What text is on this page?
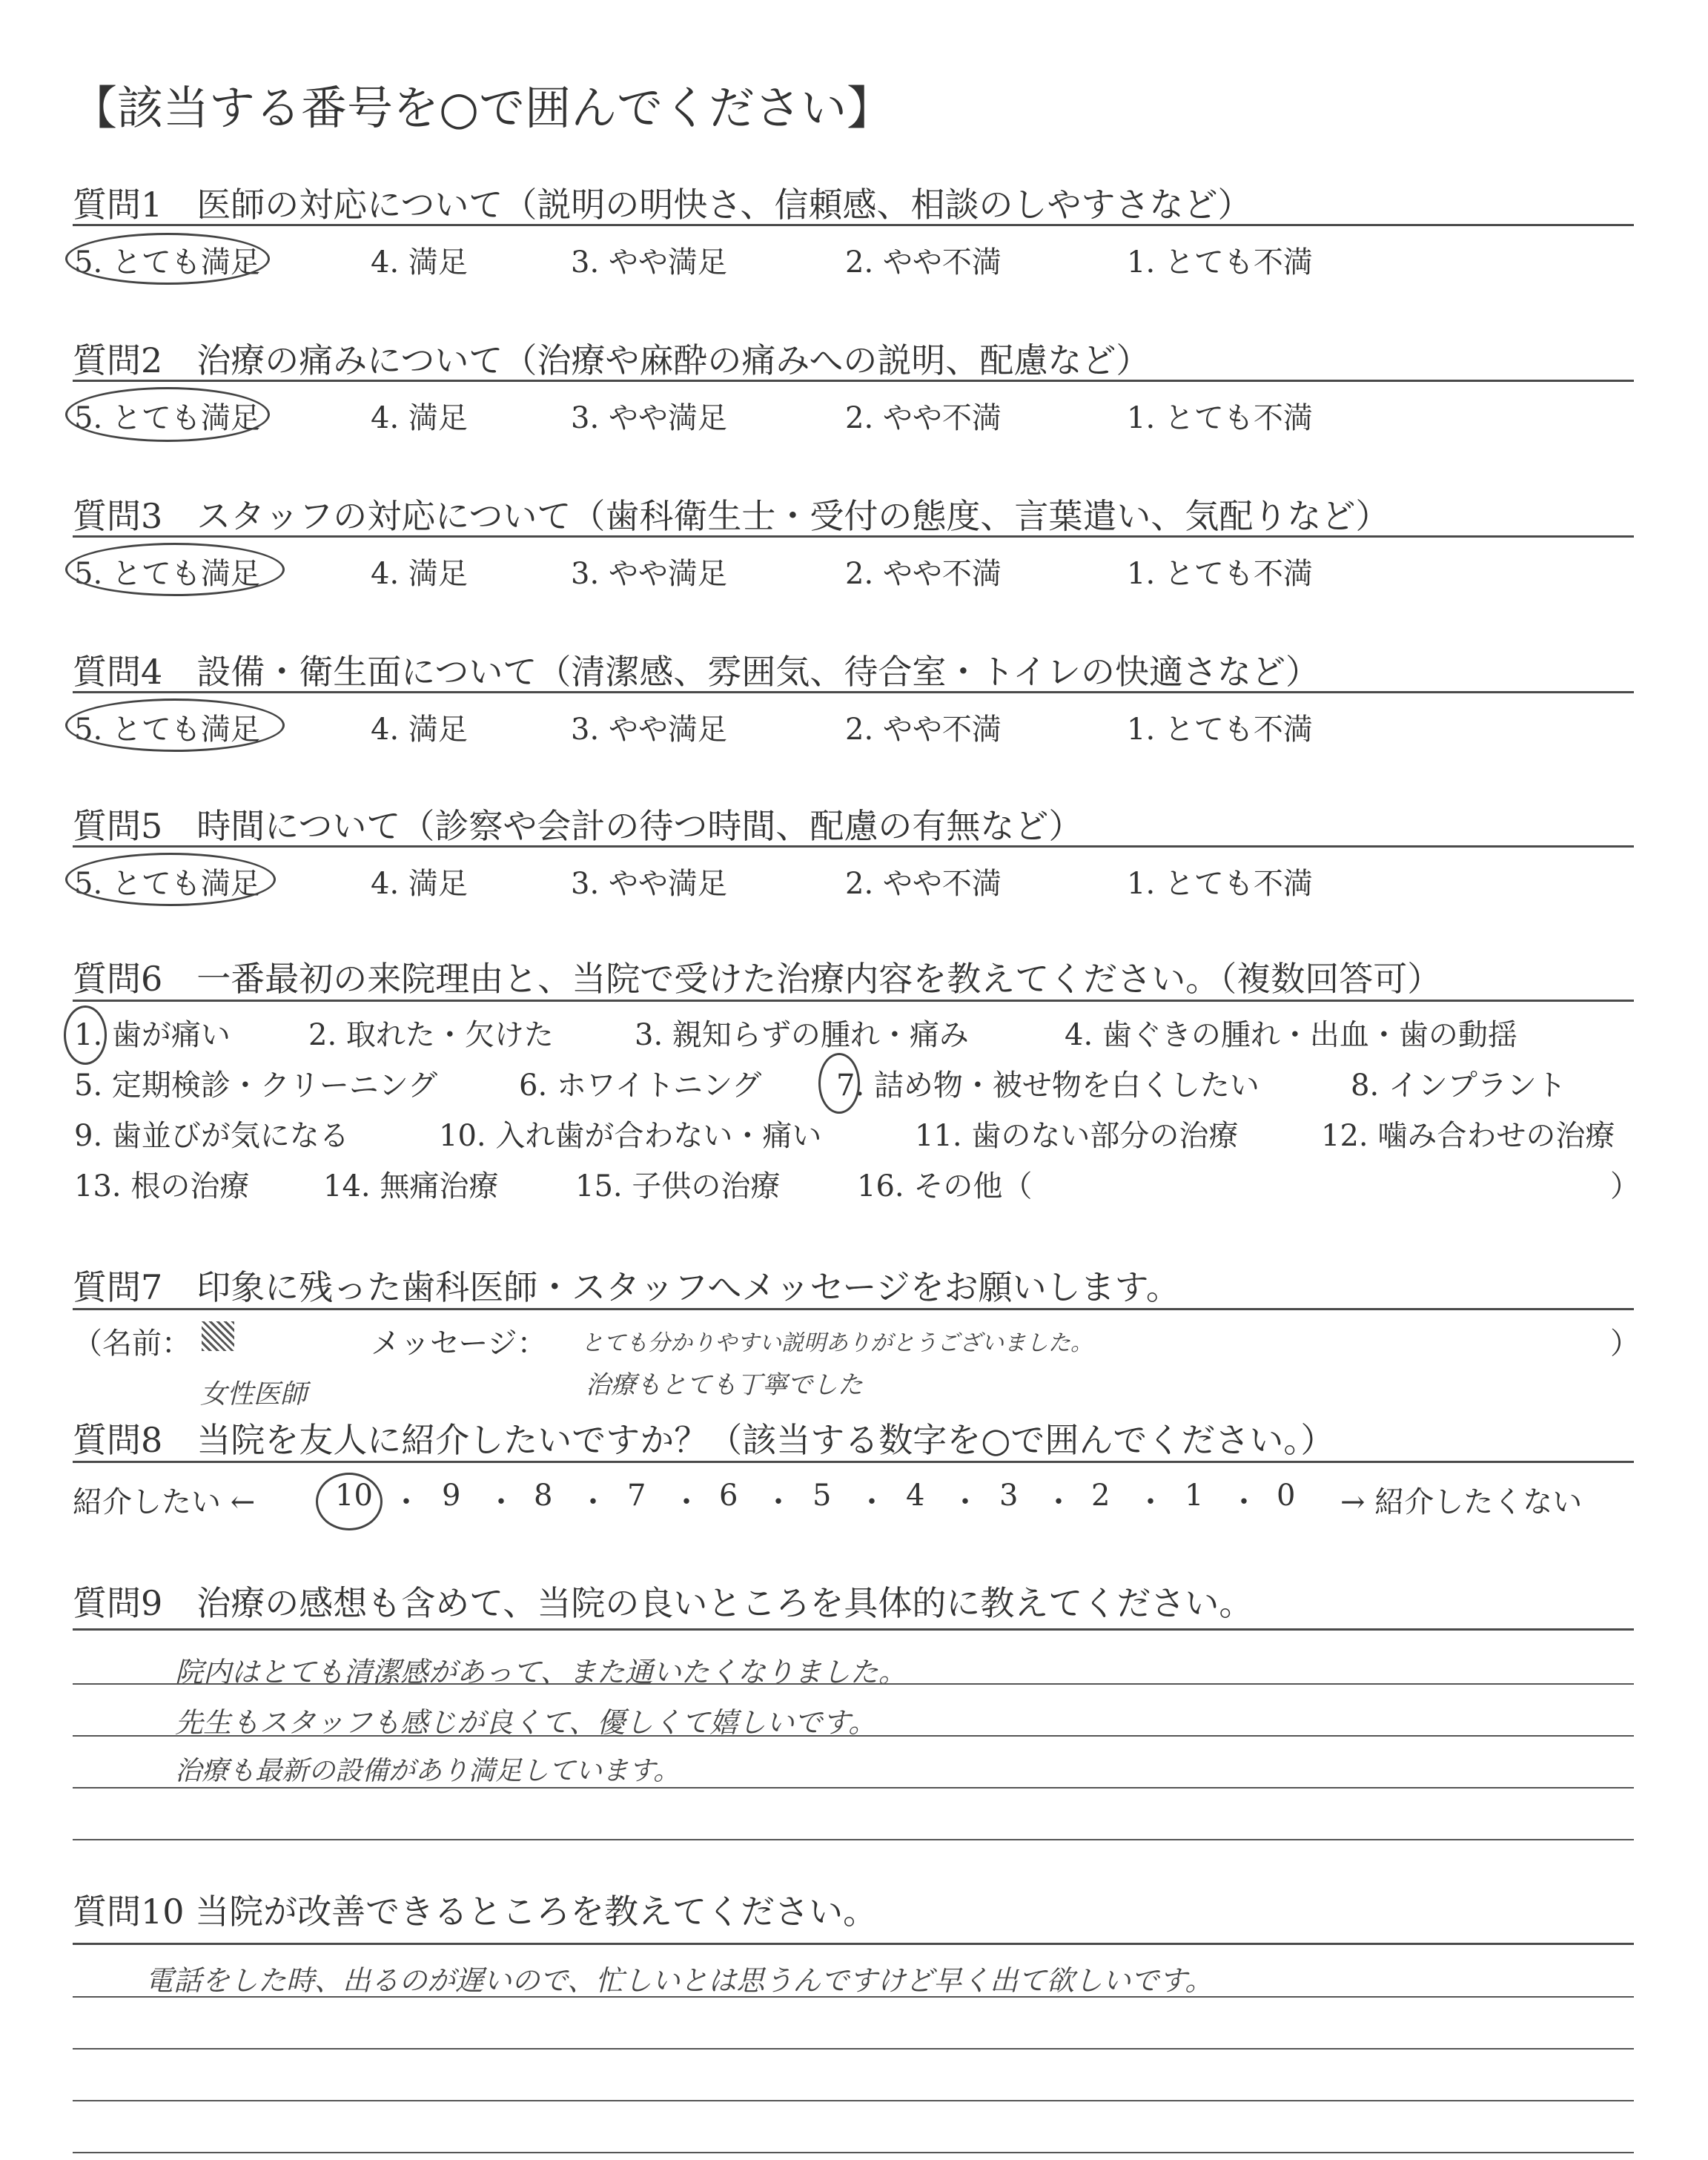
【該当する番号を○で囲んでください】
質問1　医師の対応について（説明の明快さ、信頼感、相談のしやすさなど）
5. とても満足	4. 満足	3. やや満足	2. やや不満	1. とても不満
質問2　治療の痛みについて（治療や麻酔の痛みへの説明、配慮など）
5. とても満足	4. 満足	3. やや満足	2. やや不満	1. とても不満
質問3　スタッフの対応について（歯科衛生士・受付の態度、言葉遣い、気配りなど）
5. とても満足	4. 満足	3. やや満足	2. やや不満	1. とても不満
質問4　設備・衛生面について（清潔感、雰囲気、待合室・トイレの快適さなど）
5. とても満足	4. 満足	3. やや満足	2. やや不満	1. とても不満
質問5　時間について（診察や会計の待つ時間、配慮の有無など）
5. とても満足	4. 満足	3. やや満足	2. やや不満	1. とても不満
質問6　一番最初の来院理由と、当院で受けた治療内容を教えてください。（複数回答可）
1. 歯が痛い	2. 取れた・欠けた	3. 親知らずの腫れ・痛み	4. 歯ぐきの腫れ・出血・歯の動揺
5. 定期検診・クリーニング	6. ホワイトニング	7. 詰め物・被せ物を白くしたい	8. インプラント
9. 歯並びが気になる	10. 入れ歯が合わない・痛い	11. 歯のない部分の治療	12. 噛み合わせの治療
13. 根の治療 14. 無痛治療	15. 子供の治療	16. その他（	）
質問7　印象に残った歯科医師・スタッフへメッセージをお願いします。
（名前：	メッセージ：	）
女性医師
とても分かりやすい説明ありがとうございました。
治療もとても丁寧でした
質問8　当院を友人に紹介したいですか？（該当する数字を○で囲んでください。）
紹介したい ←	10 ・ 9 ・ 8 ・ 7 ・ 6 ・ 5 ・ 4 ・ 3 ・ 2 ・ 1 ・ 0 → 紹介したくない
質問9　治療の感想も含めて、当院の良いところを具体的に教えてください。
院内はとても清潔感があって、また通いたくなりました。
先生もスタッフも感じが良くて、優しくて嬉しいです。
治療も最新の設備があり満足しています。
質問10 当院が改善できるところを教えてください。
電話をした時、出るのが遅いので、忙しいとは思うんですけど早く出て欲しいです。
